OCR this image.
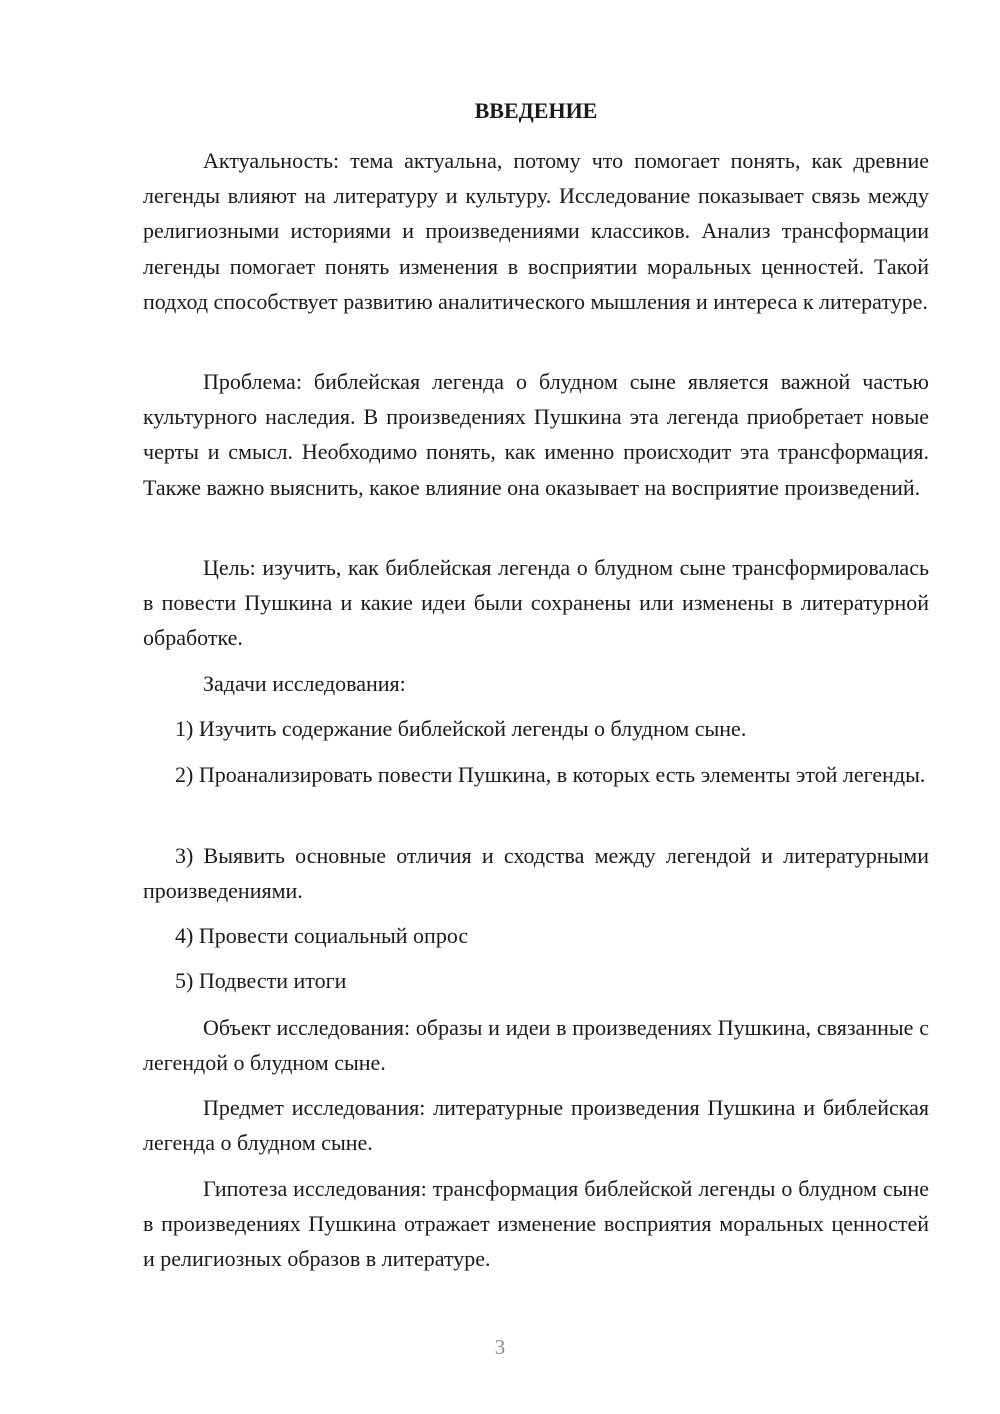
ВВЕДЕНИЕ

Актуальность: тема актуальна, потому что помогает понять, как древние легенды влияют на литературу и культуру. Исследование показывает связь между религиозными историями и произведениями классиков. Анализ трансформации легенды помогает понять изменения в восприятии моральных ценностей. Такой подход способствует развитию аналитического мышления и интереса к литературе.

Проблема: библейская легенда о блудном сыне является важной частью культурного наследия. В произведениях Пушкина эта легенда приобретает новые черты и смысл. Необходимо понять, как именно происходит эта трансформация. Также важно выяснить, какое влияние она оказывает на восприятие произведений.

Цель: изучить, как библейская легенда о блудном сыне трансформировалась в повести Пушкина и какие идеи были сохранены или изменены в литературной обработке.

Задачи исследования:

1) Изучить содержание библейской легенды о блудном сыне.

2) Проанализировать повести Пушкина, в которых есть элементы этой легенды.

3) Выявить основные отличия и сходства между легендой и литературными произведениями.

4) Провести социальный опрос

5) Подвести итоги

Объект исследования: образы и идеи в произведениях Пушкина, связанные с легендой о блудном сыне.

Предмет исследования: литературные произведения Пушкина и библейская легенда о блудном сыне.

Гипотеза исследования: трансформация библейской легенды о блудном сыне в произведениях Пушкина отражает изменение восприятия моральных ценностей и религиозных образов в литературе.

3
